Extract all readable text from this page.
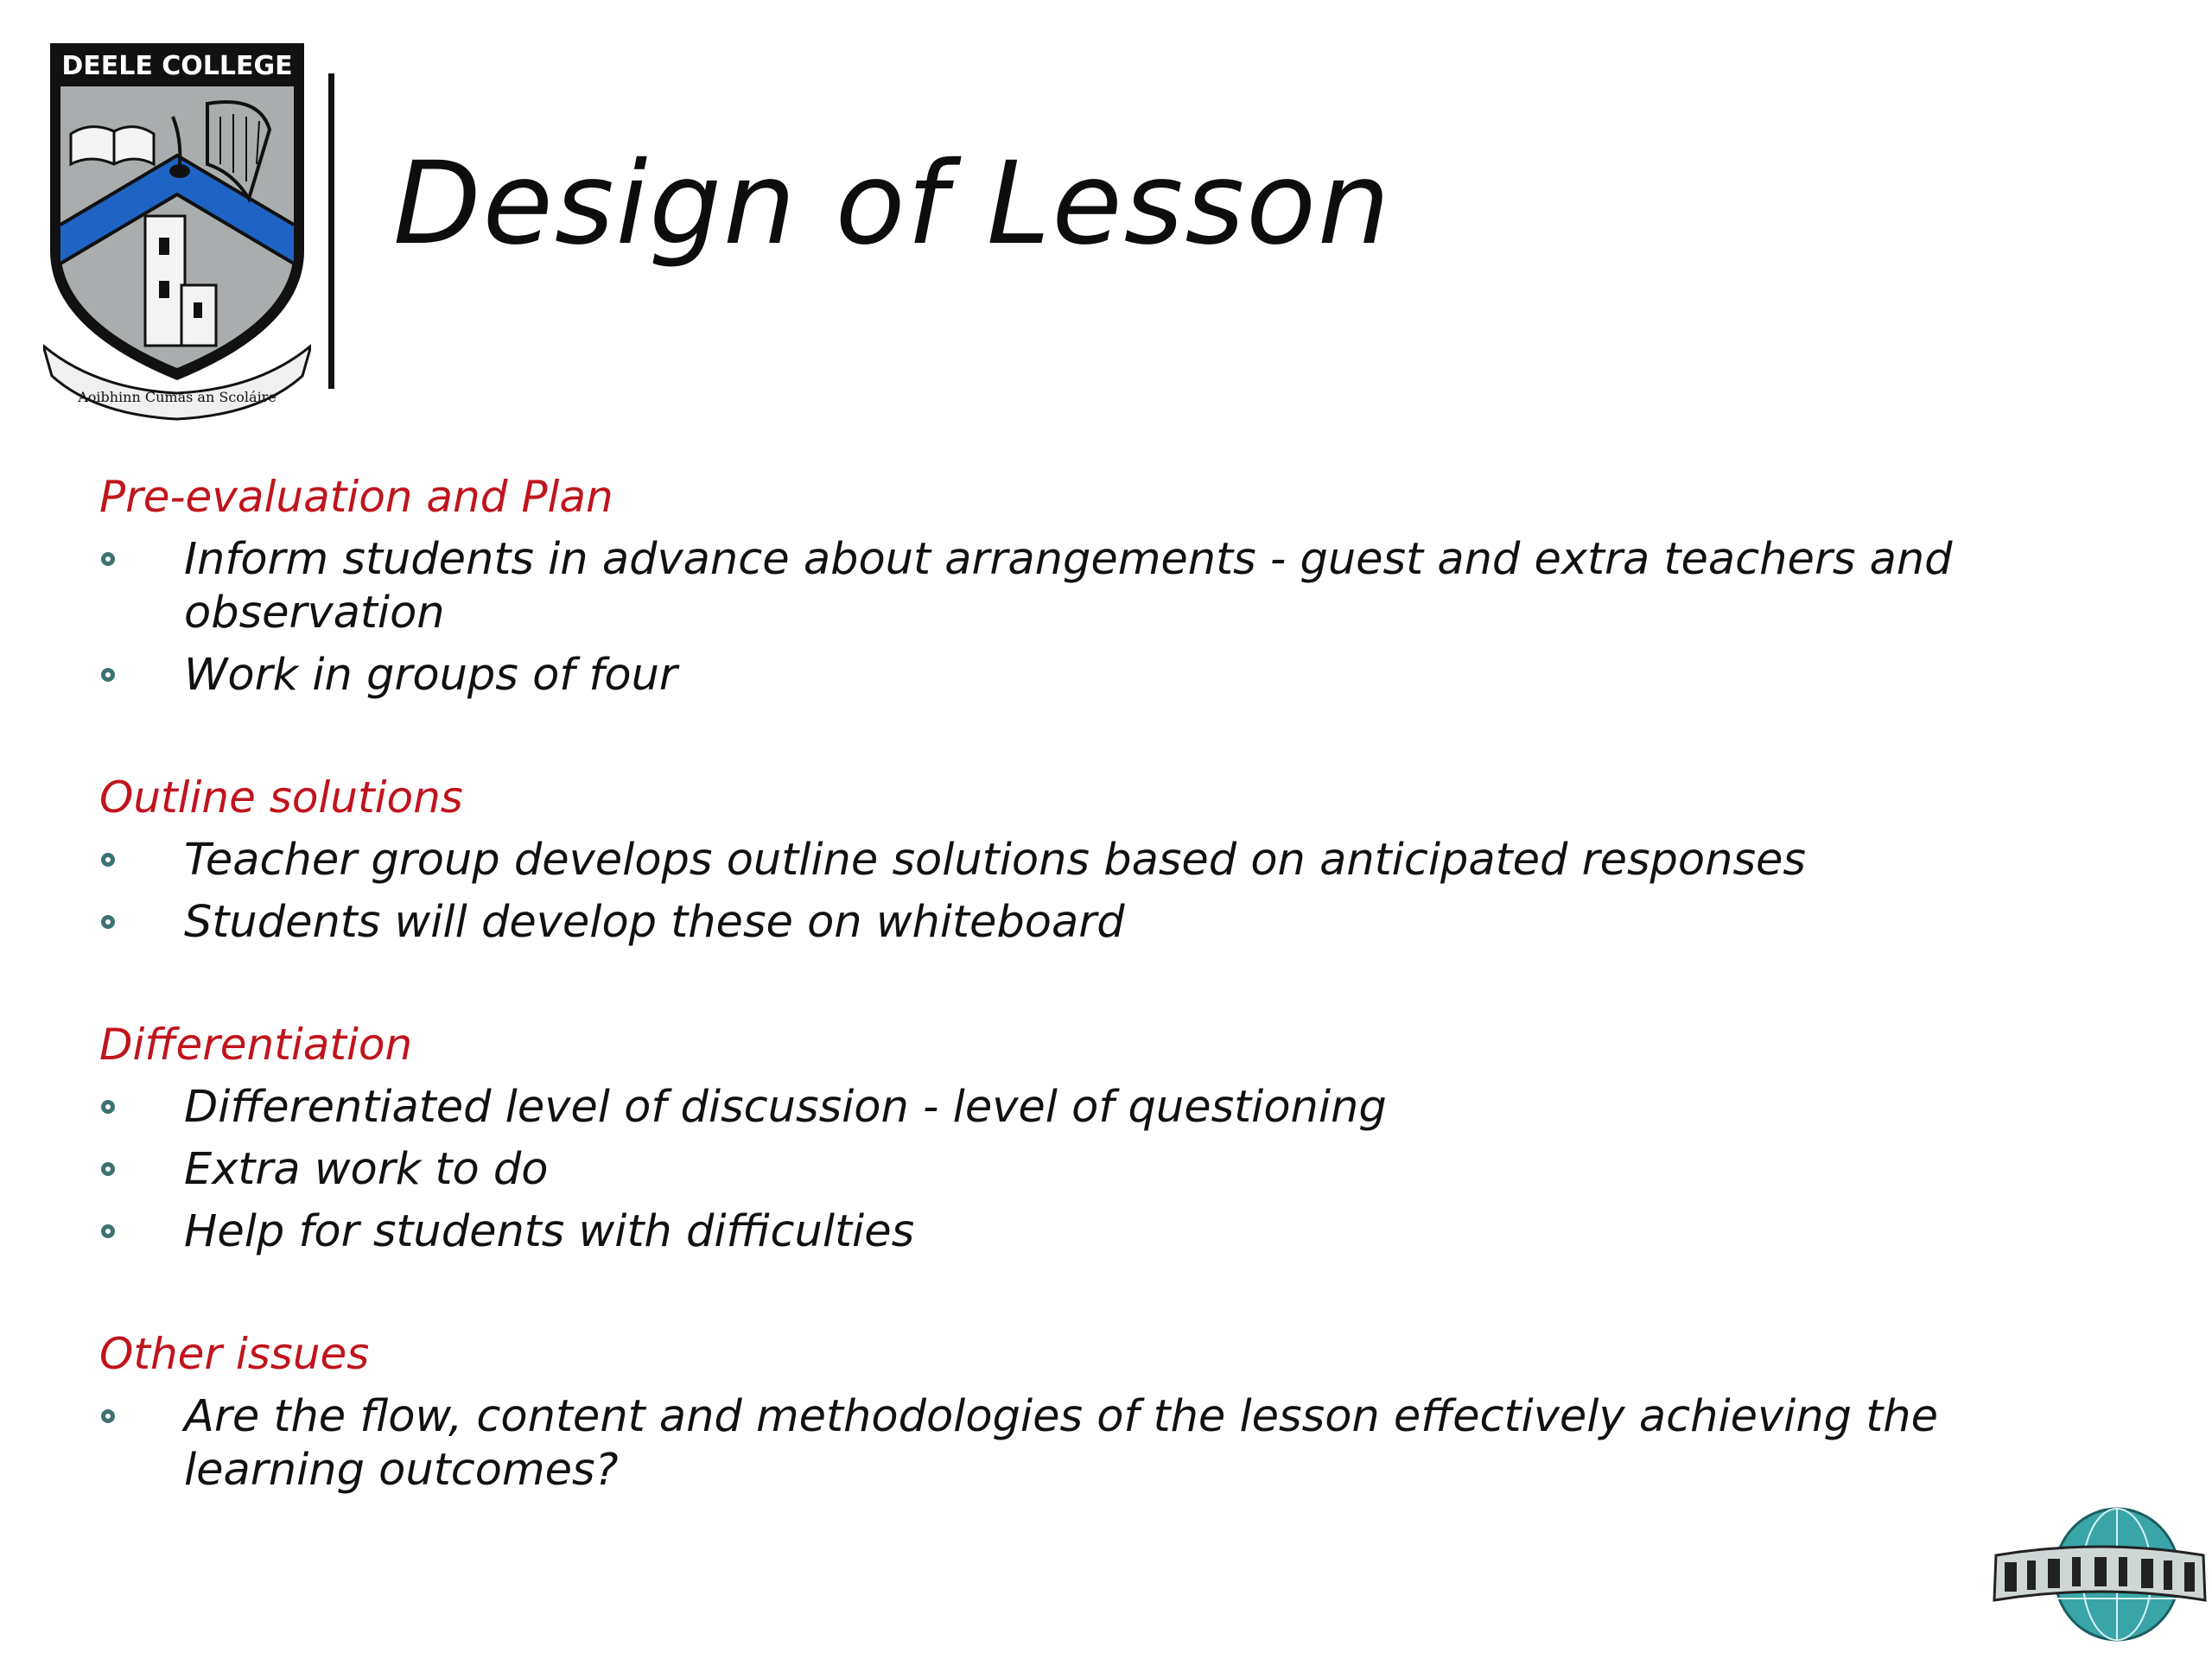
DEELE COLLEGE
Aoibhinn Cumas an Scoláire
Design of Lesson
Pre-evaluation and Plan
Inform students in advance about arrangements - guest and extra teachers and observation
Work in groups of four
Outline solutions
Teacher group develops outline solutions based on anticipated responses
Students will develop these on whiteboard
Differentiation
Differentiated level of discussion - level of questioning
Extra work to do
Help for students with difficulties
Other issues
Are the flow, content and methodologies of the lesson effectively achieving the learning outcomes?
